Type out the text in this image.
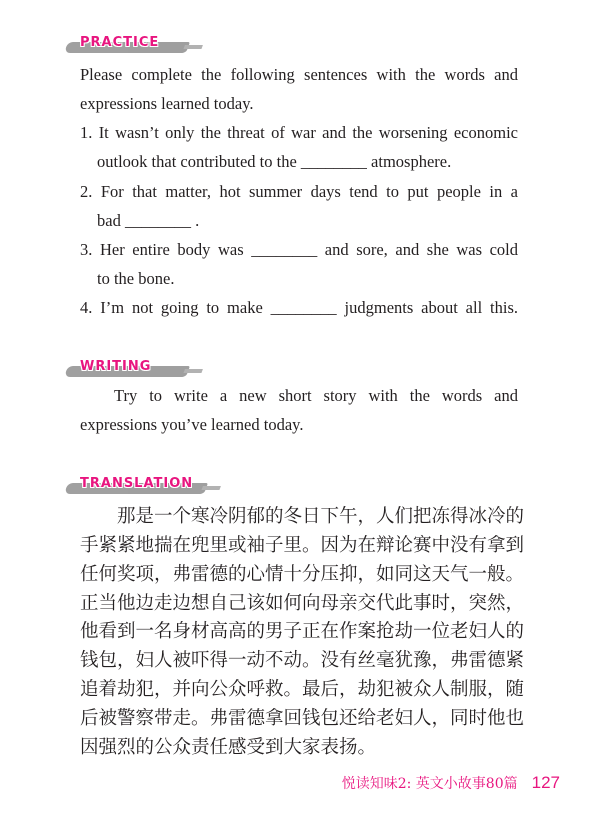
PRACTICE
Please complete the following sentences with the words and
expressions learned today.
1. It wasn’t only the threat of war and the worsening economic
outlook that contributed to the ________ atmosphere.
2. For that matter, hot summer days tend to put people in a
bad ________ .
3. Her entire body was ________ and sore, and she was cold
to the bone.
4. I’m not going to make ________ judgments about all this.
WRITING
Try to write a new short story with the words and
expressions you’ve learned today.
TRANSLATION
那是一个寒冷阴郁的冬日下午，人们把冻得冰冷的
手紧紧地揣在兜里或袖子里。因为在辩论赛中没有拿到
任何奖项，弗雷德的心情十分压抑，如同这天气一般。
正当他边走边想自己该如何向母亲交代此事时，突然，
他看到一名身材高高的男子正在作案抢劫一位老妇人的
钱包，妇人被吓得一动不动。没有丝毫犹豫，弗雷德紧
追着劫犯，并向公众呼救。最后，劫犯被众人制服，随
后被警察带走。弗雷德拿回钱包还给老妇人，同时他也
因强烈的公众责任感受到大家表扬。
悦读知味2: 英文小故事80篇 127
